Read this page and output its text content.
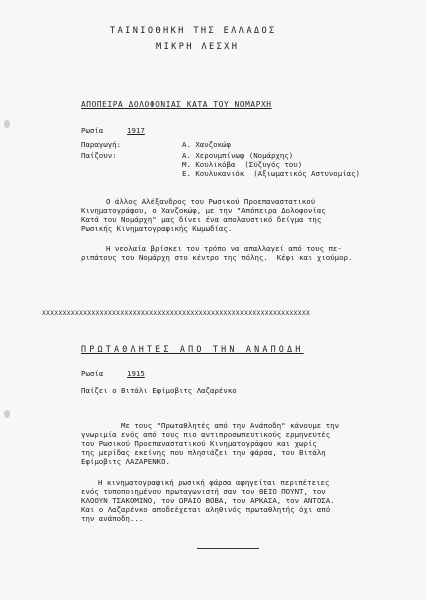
ΤΑΙΝΙΟΘΗΚΗ ΤΗΣ ΕΛΛΑΔΟΣ
ΜΙΚΡΗ ΛΕΣΧΗ
ΑΠΟΠΕΙΡΑ ΔΟΛΟΦΟΝΙΑΣ ΚΑΤΑ ΤΟΥ ΝΟΜΑΡΧΗ
Ρωσία	1917
Παραγωγή:	Α. Χανζοκώφ
Παίζουν:	Α. Χερουμπίνωφ (Νομάρχης)
Μ. Κουλικόβα  (Σύζυγός του)
Ε. Κουλυκανιόκ  (Αξιωματικός Αστυνομίας)
Ο άλλος Αλέξανδρος του Ρωσικού Προεπαναστατικού
Κινηματογράφου, ο Χανζοκώφ, με την "Απόπειρα Δολοφονίας
Κατά του Νομάρχη" μας δίνει ένα απολαυστικό δείγμα της
Ρωσικής Κινηματογραφικής Κωμωδίας.
Η νεολαία βρίσκει τον τρόπο να απαλλαγεί από τους πε-
ριπάτους του Νομάρχη στο κέντρο της πόλης.  Κέφι και χιούμορ.
XXXXXXXXXXXXXXXXXXXXXXXXXXXXXXXXXXXXXXXXXXXXXXXXXXXXXXXXXXXXXXXXX
ΠΡΩΤΑΘΛΗΤΕΣ ΑΠΟ ΤΗΝ ΑΝΑΠΟΔΗ
Ρωσία	1915
Παίζει ο Βιτάλι Εφίμοβιτς Λαζαρένκο
Με τους "Πρωταθλητές από την Ανάποδη" κάνουμε την
γνωριμία ενός από τους πιο αντιπροσωπευτικούς ερμηνευτές
του Ρωσικού Προεπαναστατικού Κινηματογράφου και χωρίς
της μερίδας εκείνης που πλησιάζει την φάρσα, του Βιτάλη
Εφίμοβιτς ΛΑΖΑΡΕΝΚΟ.
Η κινηματογραφική ρωσική φάρσα αφηγείται περιπέτειες
ενός τυποποιημένου πρωταγωνιστή σαν τον ΘΕΙΟ ΠΟΥΝΤ, τον
ΚΛΟΟΥΝ ΤΣΑΚΟΜΙΝΟ, τον ΩΡΑΙΟ ΒΟΒΑ, τον ΑΡΚΑΣΑ, τον ΑΝΤΟΣΑ.
Και ο Λαζαρένκο αποδεέχεται αληθινός πρωταθλητής όχι από
την ανάποδη...
